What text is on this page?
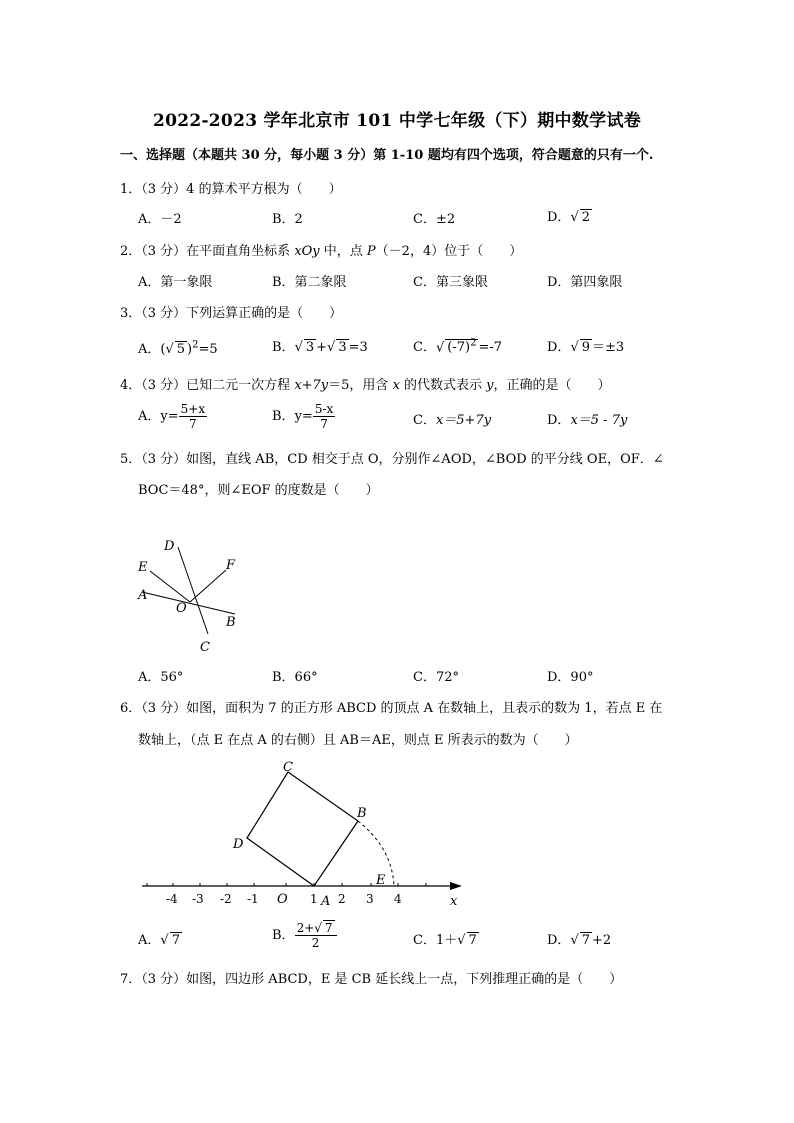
2022-2023 学年北京市 101 中学七年级（下）期中数学试卷
一、选择题（本题共 30 分，每小题 3 分）第 1-10 题均有四个选项，符合题意的只有一个.
1．（3 分）4 的算术平方根为（　　）
A．－2	B．2	C．±2	D．√ 2
2．（3 分）在平面直角坐标系 xOy 中，点 P（－2，4）位于（　　）
A．第一象限	B．第二象限	C．第三象限	D．第四象限
3．（3 分）下列运算正确的是（　　）
A．(√ 5 )$^2$=5	B．√ 3 +√ 3 =3	C．√ $(-7)^2 =-7$	D．√ 9 ＝±3
4．（3 分）已知二元一次方程 x+7y＝5，用含 x 的代数式表示 y，正确的是（　　）
A．$y= \frac{5+x}{7}$	B．$y= \frac{5-x}{7}$	C．x＝5+7y	D．x＝5 - 7y
5．（3 分）如图，直线 AB，CD 相交于点 O，分别作∠AOD，∠BOD 的平分线 OE，OF．∠
BOC＝48°，则∠EOF 的度数是（　　）
D
E	F
A
O
B
C
A．56°	B．66°	C．72°	D．90°
6．（3 分）如图，面积为 7 的正方形 ABCD 的顶点 A 在数轴上，且表示的数为 1，若点 E 在
数轴上，（点 E 在点 A 的右侧）且 AB＝AE，则点 E 所表示的数为（　　）
C
B
D
E
O	A	x
-4 -3 -2 -1	1 2 3 4
A．√ 7	B． $\frac{2+√ 7}{2}$	C．1＋√ 7	D．√ 7 +2
7．（3 分）如图，四边形 ABCD，E 是 CB 延长线上一点，下列推理正确的是（　　）
